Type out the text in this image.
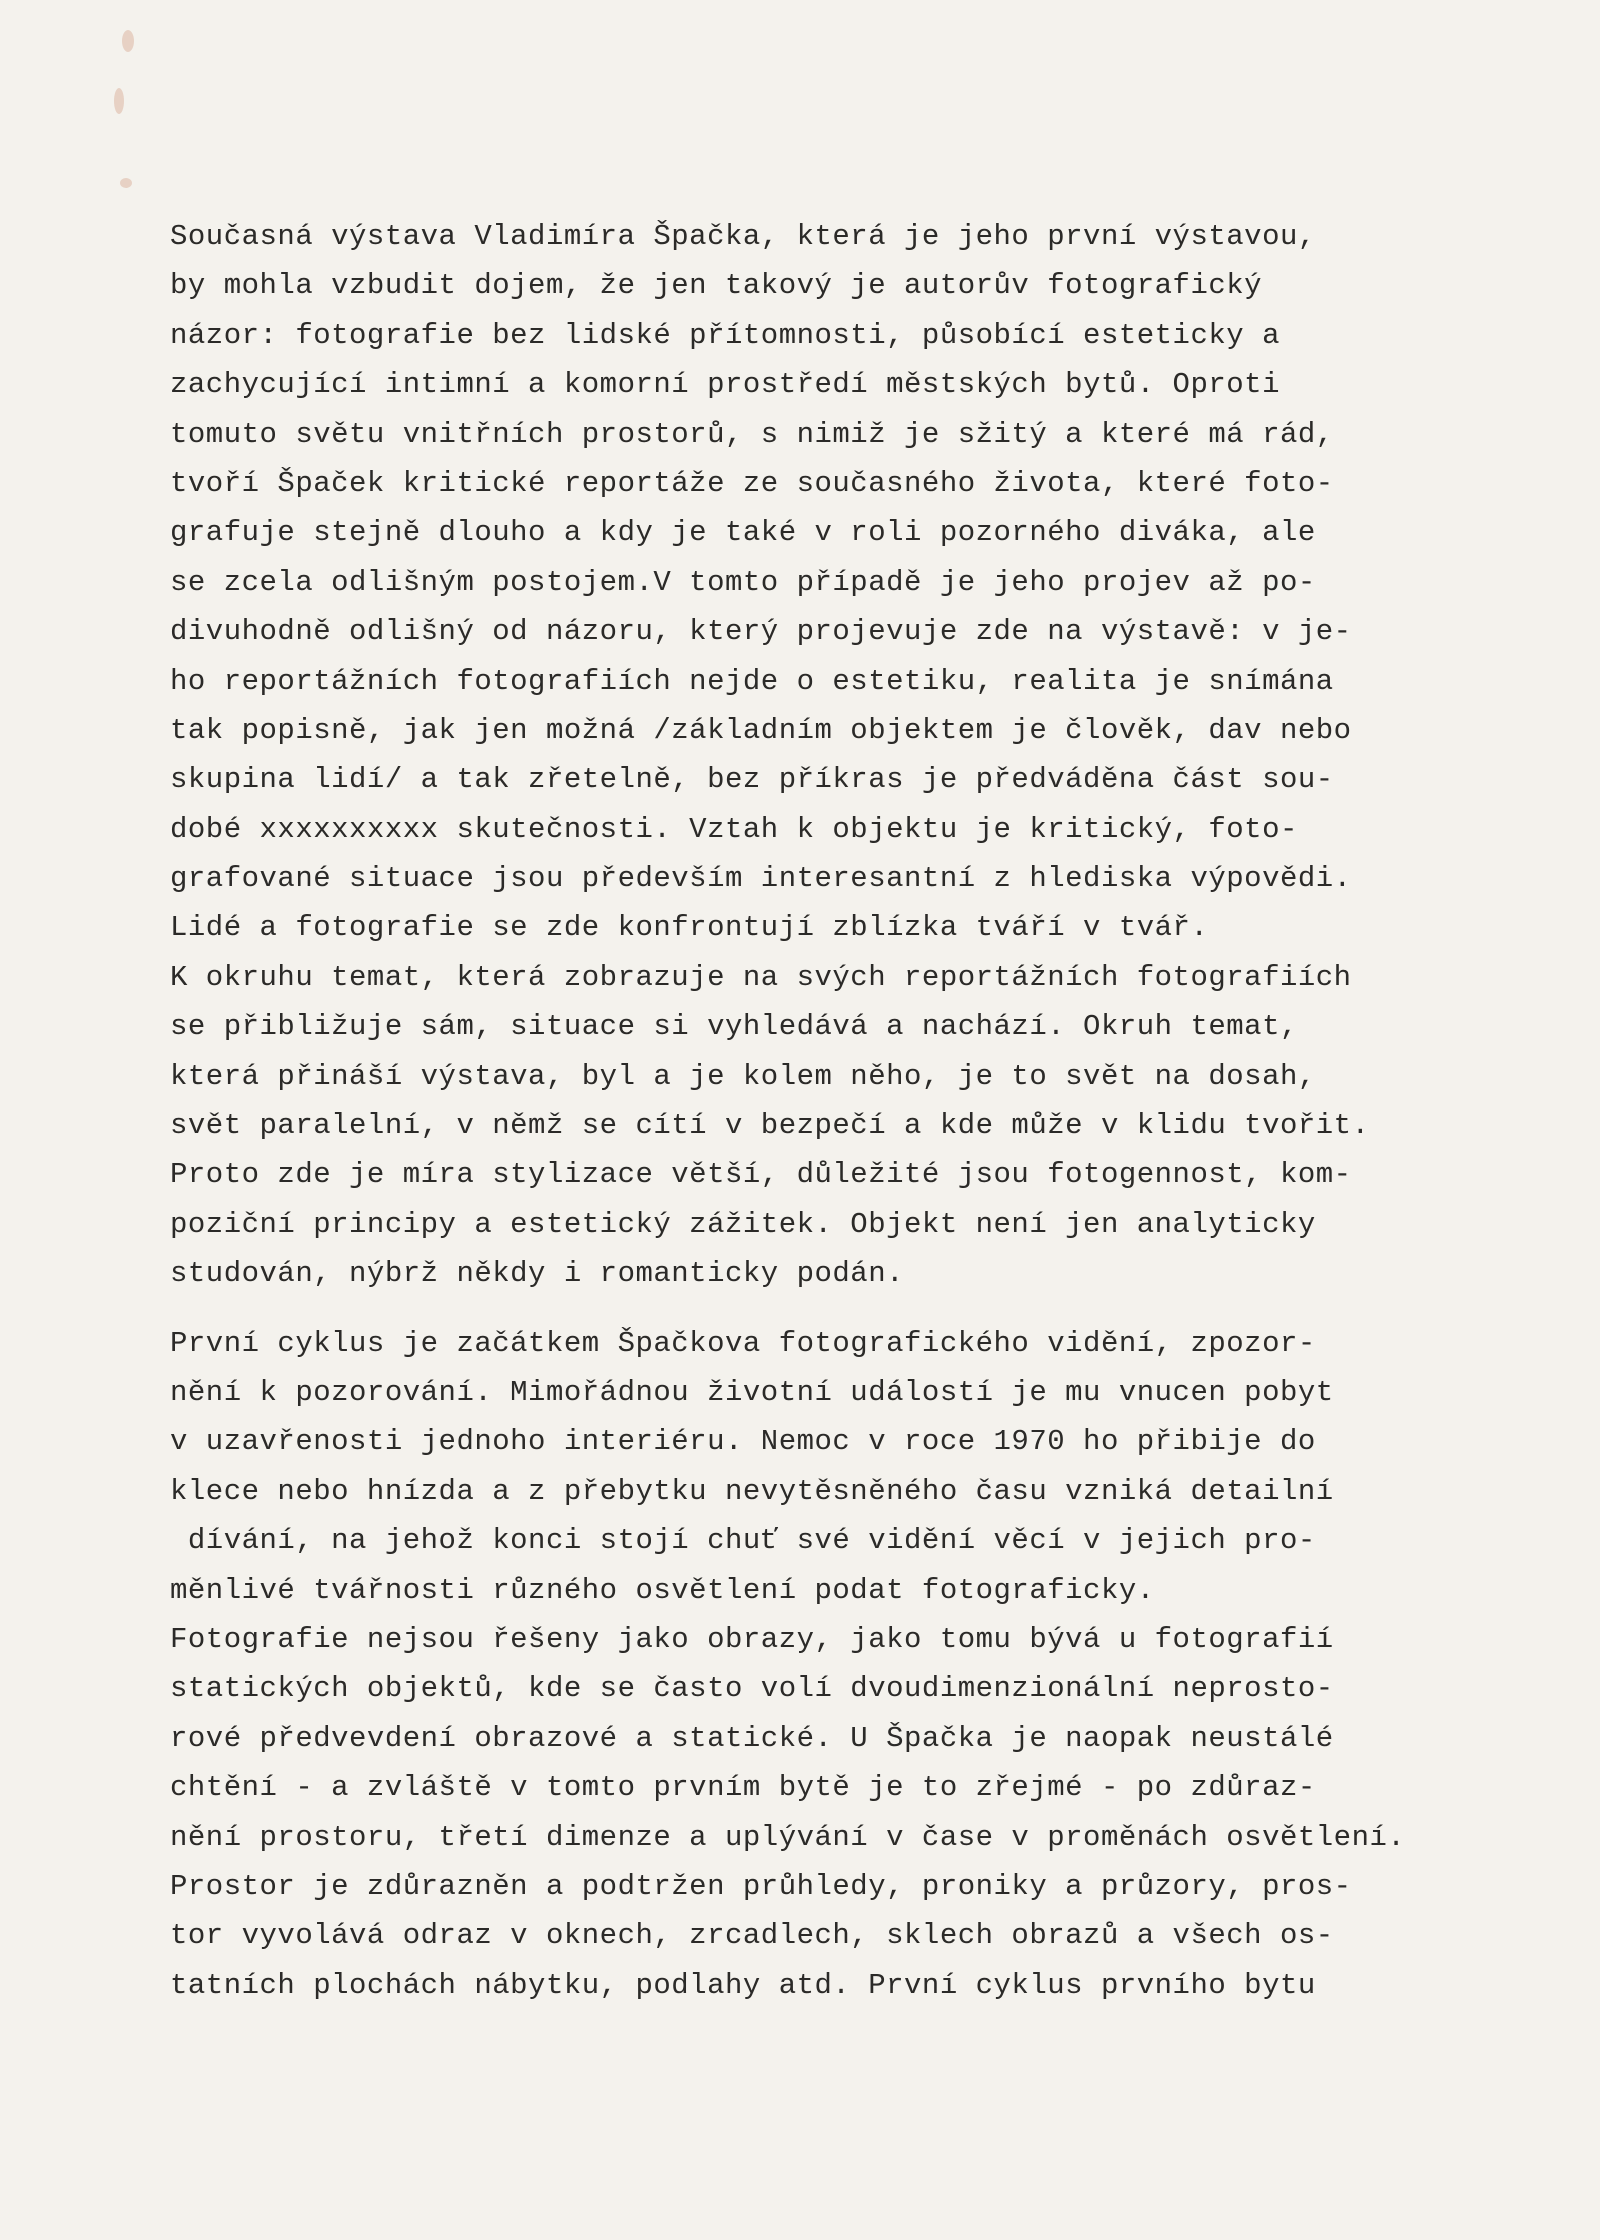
Současná výstava Vladimíra Špačka, která je jeho první výstavou,
by mohla vzbudit dojem, že jen takový je autorův fotografický
názor: fotografie bez lidské přítomnosti, působící esteticky a
zachycující intimní a komorní prostředí městských bytů. Oproti
tomuto světu vnitřních prostorů, s nimiž je sžitý a které má rád,
tvoří Špaček kritické reportáže ze současného života, které foto-
grafuje stejně dlouho a kdy je také v roli pozorného diváka, ale
se zcela odlišným postojem.V tomto případě je jeho projev až po-
divuhodně odlišný od názoru, který projevuje zde na výstavě: v je-
ho reportážních fotografiích nejde o estetiku, realita je snímána
tak popisně, jak jen možná /základním objektem je člověk, dav nebo
skupina lidí/ a tak zřetelně, bez příkras je předváděna část sou-
dobé xxxxxxxxxx skutečnosti. Vztah k objektu je kritický, foto-
grafované situace jsou především interesantní z hlediska výpovědi.
Lidé a fotografie se zde konfrontují zblízka tváří v tvář.
K okruhu temat, která zobrazuje na svých reportážních fotografiích
se přibližuje sám, situace si vyhledává a nachází. Okruh temat,
která přináší výstava, byl a je kolem něho, je to svět na dosah,
svět paralelní, v němž se cítí v bezpečí a kde může v klidu tvořit.
Proto zde je míra stylizace větší, důležité jsou fotogennost, kom-
poziční principy a estetický zážitek. Objekt není jen analyticky
studován, nýbrž někdy i romanticky podán.
První cyklus je začátkem Špačkova fotografického vidění, zpozor-
nění k pozorování. Mimořádnou životní událostí je mu vnucen pobyt
v uzavřenosti jednoho interiéru. Nemoc v roce 1970 ho přibije do
klece nebo hnízda a z přebytku nevytěsněného času vzniká detailní
dívání, na jehož konci stojí chuť své vidění věcí v jejich pro-
měnlivé tvářnosti různého osvětlení podat fotograficky.
Fotografie nejsou řešeny jako obrazy, jako tomu bývá u fotografií
statických objektů, kde se často volí dvoudimenzionální neprosto-
rové předvevdení obrazové a statické. U Špačka je naopak neustálé
chtění - a zvláště v tomto prvním bytě je to zřejmé - po zdůraz-
nění prostoru, třetí dimenze a uplývání v čase v proměnách osvětlení.
Prostor je zdůrazněn a podtržen průhledy, proniky a průzory, pros-
tor vyvolává odraz v oknech, zrcadlech, sklech obrazů a všech os-
tatních plochách nábytku, podlahy atd. První cyklus prvního bytu
